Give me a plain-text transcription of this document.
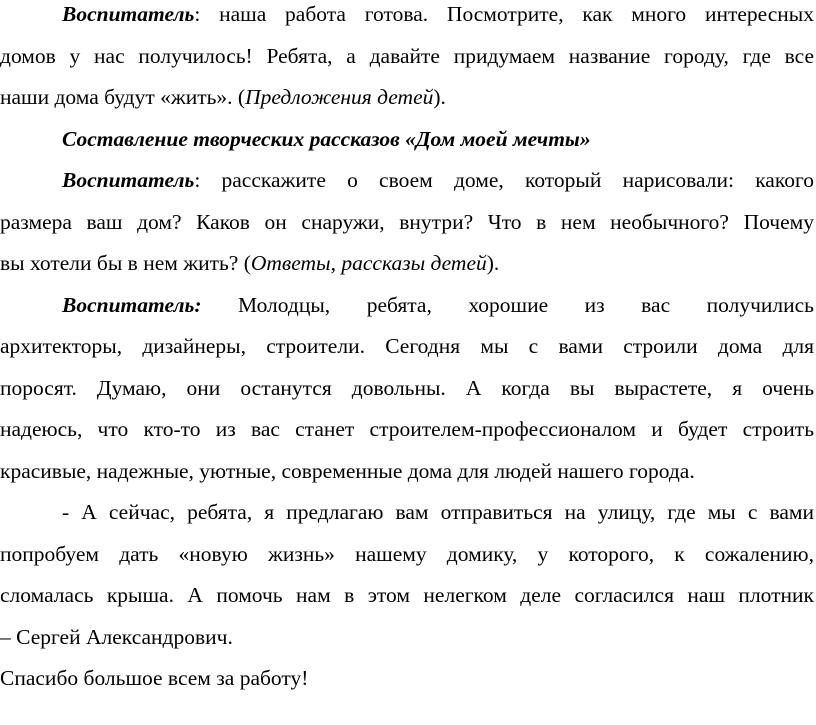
Воспитатель: наша работа готова. Посмотрите, как много интересных
домов у нас получилось! Ребята, а давайте придумаем название городу, где все
наши дома будут «жить». (Предложения детей).
Составление творческих рассказов «Дом моей мечты»
Воспитатель: расскажите о своем доме, который нарисовали: какого
размера ваш дом? Каков он снаружи, внутри? Что в нем необычного? Почему
вы хотели бы в нем жить? (Ответы, рассказы детей).
Воспитатель: Молодцы, ребята, хорошие из вас получились
архитекторы, дизайнеры, строители. Сегодня мы с вами строили дома для
поросят. Думаю, они останутся довольны. А когда вы вырастете, я очень
надеюсь, что кто-то из вас станет строителем-профессионалом и будет строить
красивые, надежные, уютные, современные дома для людей нашего города.
- А сейчас, ребята, я предлагаю вам отправиться на улицу, где мы с вами
попробуем дать «новую жизнь» нашему домику, у которого, к сожалению,
сломалась крыша. А помочь нам в этом нелегком деле согласился наш плотник
– Сергей Александрович.
Спасибо большое всем за работу!
